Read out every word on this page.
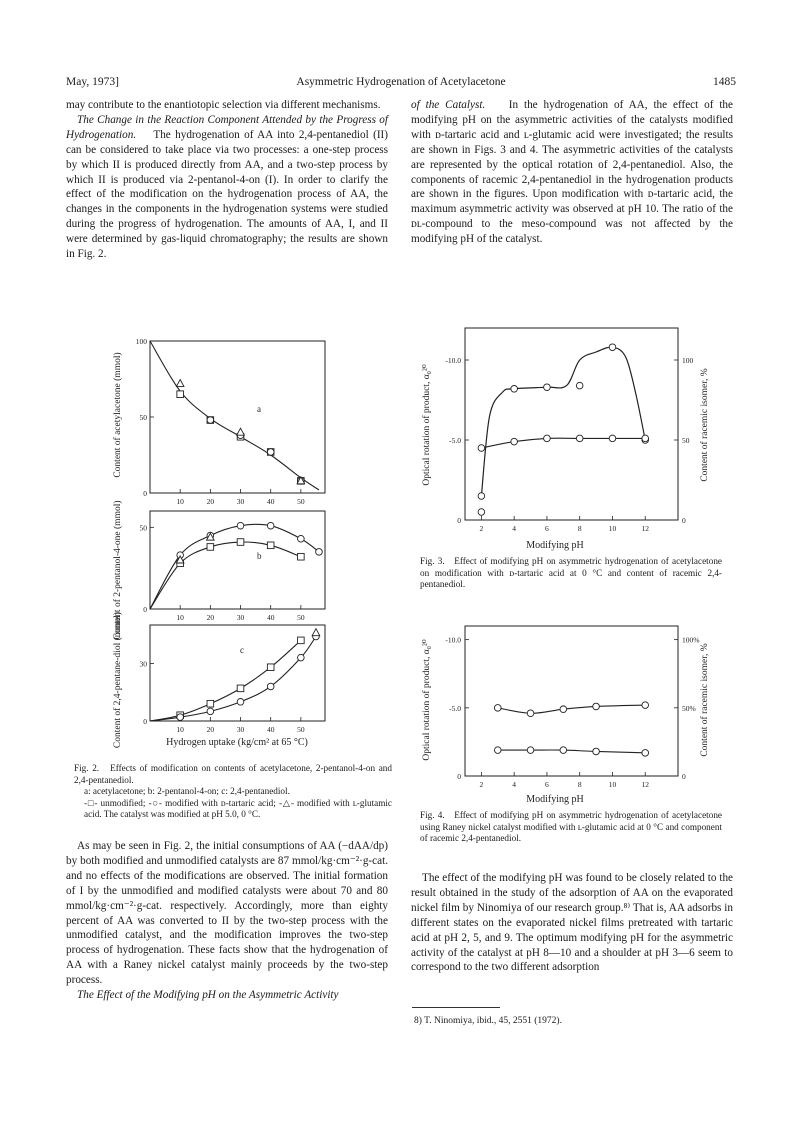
May, 1973]	Asymmetric Hydrogenation of Acetylacetone	1485

may contribute to the enantiotopic selection via different mechanisms.

The Change in the Reaction Component Attended by the Progress of Hydrogenation. The hydrogenation of AA into 2,4-pentanediol (II) can be considered to take place via two processes: a one-step process by which II is produced directly from AA, and a two-step process by which II is produced via 2-pentanol-4-on (I). In order to clarify the effect of the modification on the hydrogenation process of AA, the changes in the components in the hydrogenation systems were studied during the progress of hydrogenation. The amounts of AA, I, and II were determined by gas-liquid chromatography; the results are shown in Fig. 2.

of the Catalyst. In the hydrogenation of AA, the effect of the modifying pH on the asymmetric activities of the catalysts modified with ᴅ-tartaric acid and ʟ-glutamic acid were investigated; the results are shown in Figs. 3 and 4. The asymmetric activities of the catalysts are represented by the optical rotation of 2,4-pentanediol. Also, the components of racemic 2,4-pentanediol in the hydrogenation products are shown in the figures. Upon modification with ᴅ-tartaric acid, the maximum asymmetric activity was observed at pH 10. The ratio of the ᴅʟ-compound to the meso-compound was not affected by the modifying pH of the catalyst.

10	20	30	40	50
0
50
100
10	20	30	40	50
0
50
10	20	30	40	50
0
30
Content of acetylacetone (mmol)
Content of 2-pentanol-4-one (mmol)
Content of 2,4-pentane-diol (mmol)	Hydrogen uptake (kg/cm² at 65 °C)
a
b
c
Fig. 2. Effects of modification on contents of acetylacetone, 2-pentanol-4-on and 2,4-pentanediol.
a: acetylacetone; b: 2-pentanol-4-on; c: 2,4-pentanediol.
-□- unmodified; -○- modified with ᴅ-tartaric acid; -△- modified with ʟ-glutamic acid. The catalyst was modified at pH 5.0, 0 °C.

As may be seen in Fig. 2, the initial consumptions of AA (−dAA/dp) by both modified and unmodified catalysts are 87 mmol/kg·cm⁻²·g-cat. and no effects of the modifications are observed. The initial formation of I by the unmodified and modified catalysts were about 70 and 80 mmol/kg·cm⁻²·g-cat. respectively. Accordingly, more than eighty percent of AA was converted to II by the two-step process with the unmodified catalyst, and the modification improves the two-step process of hydrogenation. These facts show that the hydrogenation of AA with a Raney nickel catalyst mainly proceeds by the two-step process.

The Effect of the Modifying pH on the Asymmetric Activity

2	4	6	8	10	12
-10.0
-5.0
0
100
50
0
Optical rotation of product, α₀²⁰	Content of racemic isomer, %
Modifying pH
Fig. 3. Effect of modifying pH on asymmetric hydrogenation of acetylacetone on modification with ᴅ-tartaric acid at 0 °C and content of racemic 2,4-pentanediol.
2	4	6	8	10	12
-10.0
-5.0
0
100%
50%
0
Optical rotation of product, α₀²⁰	Content of racemic isomer, %
Modifying pH
Fig. 4. Effect of modifying pH on asymmetric hydrogenation of acetylacetone using Raney nickel catalyst modified with ʟ-glutamic acid at 0 °C and component of racemic 2,4-pentanediol.

The effect of the modifying pH was found to be closely related to the result obtained in the study of the adsorption of AA on the evaporated nickel film by Ninomiya of our research group.⁸⁾ That is, AA adsorbs in different states on the evaporated nickel films pretreated with tartaric acid at pH 2, 5, and 9. The optimum modifying pH for the asymmetric activity of the catalyst at pH 8—10 and a shoulder at pH 3—6 seem to correspond to the two different adsorption

8) T. Ninomiya, ibid., 45, 2551 (1972).
